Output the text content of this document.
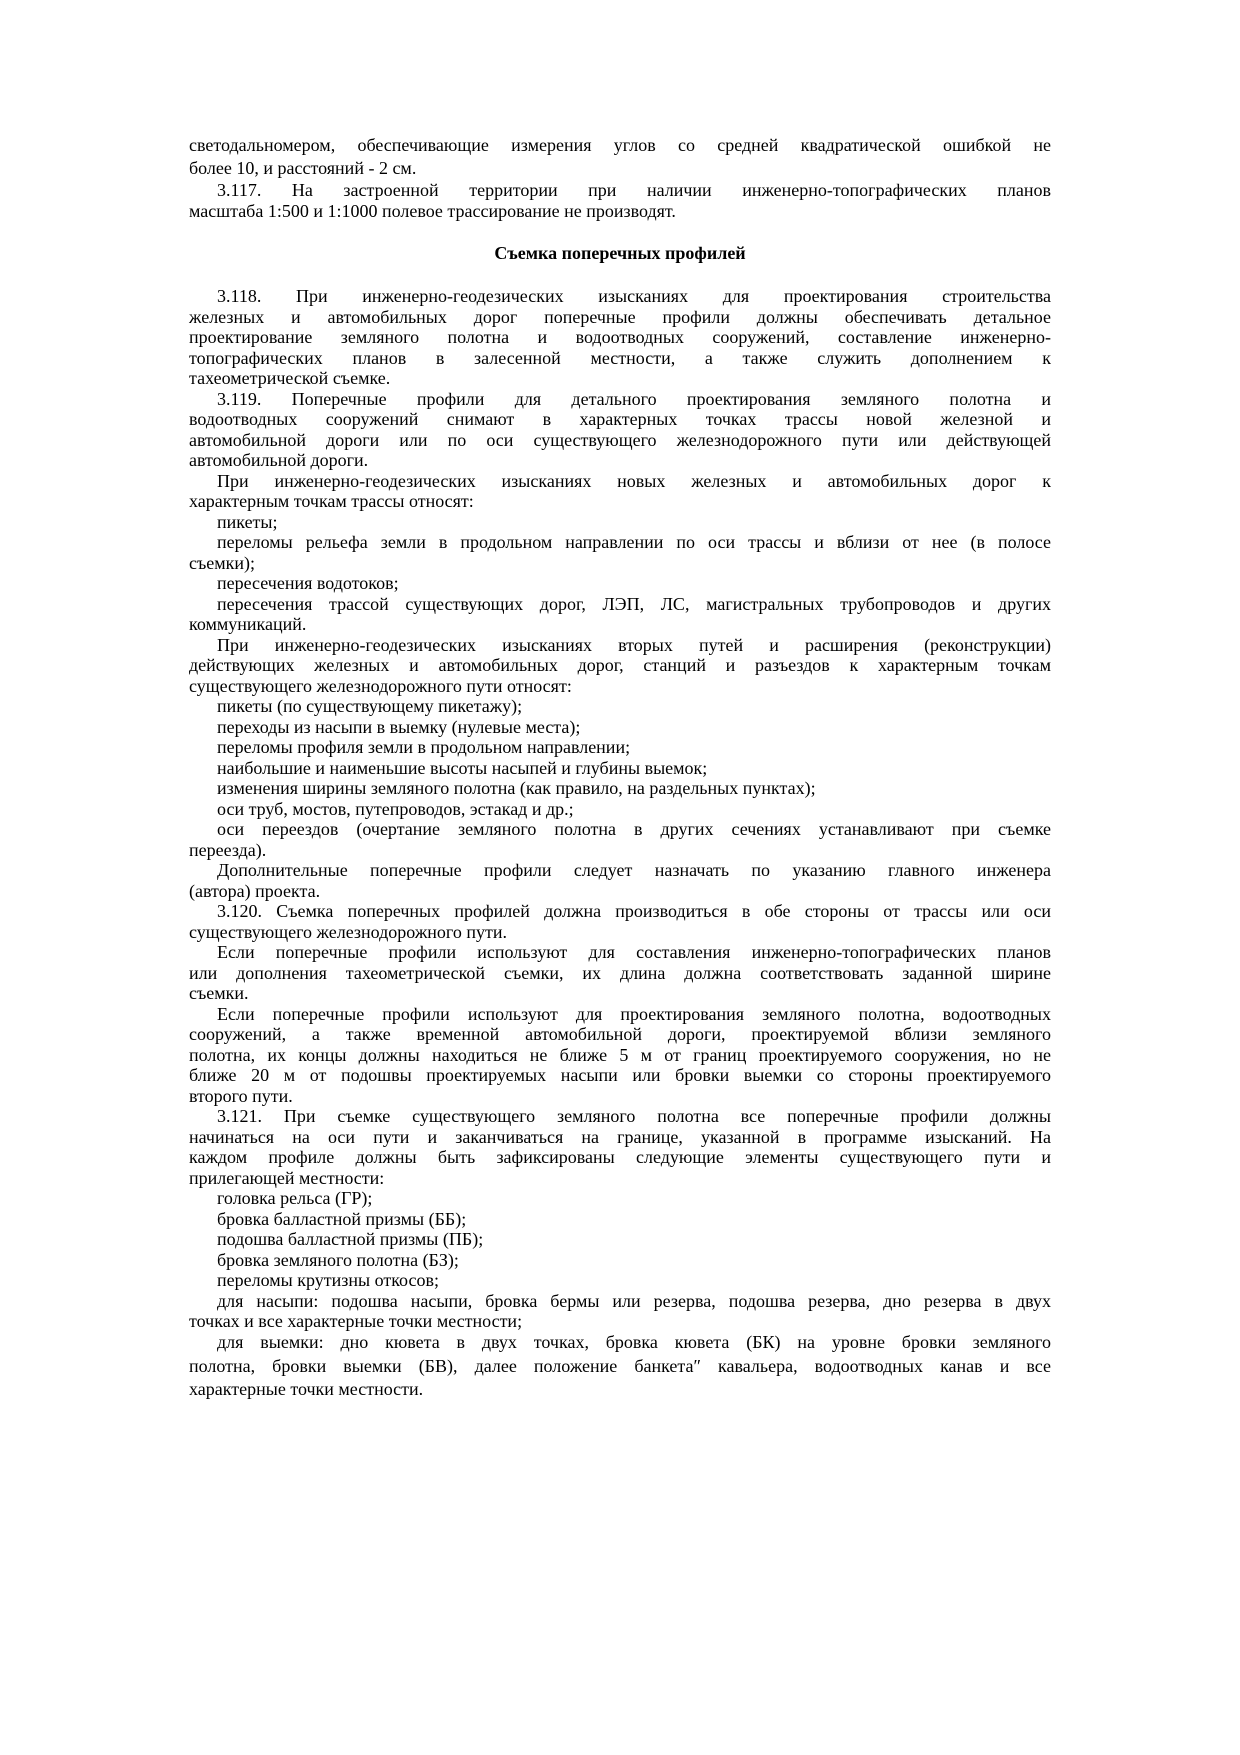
светодальномером, обеспечивающие измерения углов со средней квадратической ошибкой не
более 10, и расстояний - 2 см.
3.117. На застроенной территории при наличии инженерно-топографических планов
масштаба 1:500 и 1:1000 полевое трассирование не производят.
Съемка поперечных профилей
3.118. При инженерно-геодезических изысканиях для проектирования строительства
железных и автомобильных дорог поперечные профили должны обеспечивать детальное
проектирование земляного полотна и водоотводных сооружений, составление инженерно-
топографических планов в залесенной местности, а также служить дополнением к
тахеометрической съемке.
3.119. Поперечные профили для детального проектирования земляного полотна и
водоотводных сооружений снимают в характерных точках трассы новой железной и
автомобильной дороги или по оси существующего железнодорожного пути или действующей
автомобильной дороги.
При инженерно-геодезических изысканиях новых железных и автомобильных дорог к
характерным точкам трассы относят:
пикеты;
переломы рельефа земли в продольном направлении по оси трассы и вблизи от нее (в полосе
съемки);
пересечения водотоков;
пересечения трассой существующих дорог, ЛЭП, ЛС, магистральных трубопроводов и других
коммуникаций.
При инженерно-геодезических изысканиях вторых путей и расширения (реконструкции)
действующих железных и автомобильных дорог, станций и разъездов к характерным точкам
существующего железнодорожного пути относят:
пикеты (по существующему пикетажу);
переходы из насыпи в выемку (нулевые места);
переломы профиля земли в продольном направлении;
наибольшие и наименьшие высоты насыпей и глубины выемок;
изменения ширины земляного полотна (как правило, на раздельных пунктах);
оси труб, мостов, путепроводов, эстакад и др.;
оси переездов (очертание земляного полотна в других сечениях устанавливают при съемке
переезда).
Дополнительные поперечные профили следует назначать по указанию главного инженера
(автора) проекта.
3.120. Съемка поперечных профилей должна производиться в обе стороны от трассы или оси
существующего железнодорожного пути.
Если поперечные профили используют для составления инженерно-топографических планов
или дополнения тахеометрической съемки, их длина должна соответствовать заданной ширине
съемки.
Если поперечные профили используют для проектирования земляного полотна, водоотводных
сооружений, а также временной автомобильной дороги, проектируемой вблизи земляного
полотна, их концы должны находиться не ближе 5 м от границ проектируемого сооружения, но не
ближе 20 м от подошвы проектируемых насыпи или бровки выемки со стороны проектируемого
второго пути.
3.121. При съемке существующего земляного полотна все поперечные профили должны
начинаться на оси пути и заканчиваться на границе, указанной в программе изысканий. На
каждом профиле должны быть зафиксированы следующие элементы существующего пути и
прилегающей местности:
головка рельса (ГР);
бровка балластной призмы (ББ);
подошва балластной призмы (ПБ);
бровка земляного полотна (БЗ);
переломы крутизны откосов;
для насыпи: подошва насыпи, бровка бермы или резерва, подошва резерва, дно резерва в двух
точках и все характерные точки местности;
для выемки: дно кювета в двух точках, бровка кювета (БК) на уровне бровки земляного
полотна, бровки выемки (БВ), далее положение банкета″ кавальера, водоотводных канав и все
характерные точки местности.
